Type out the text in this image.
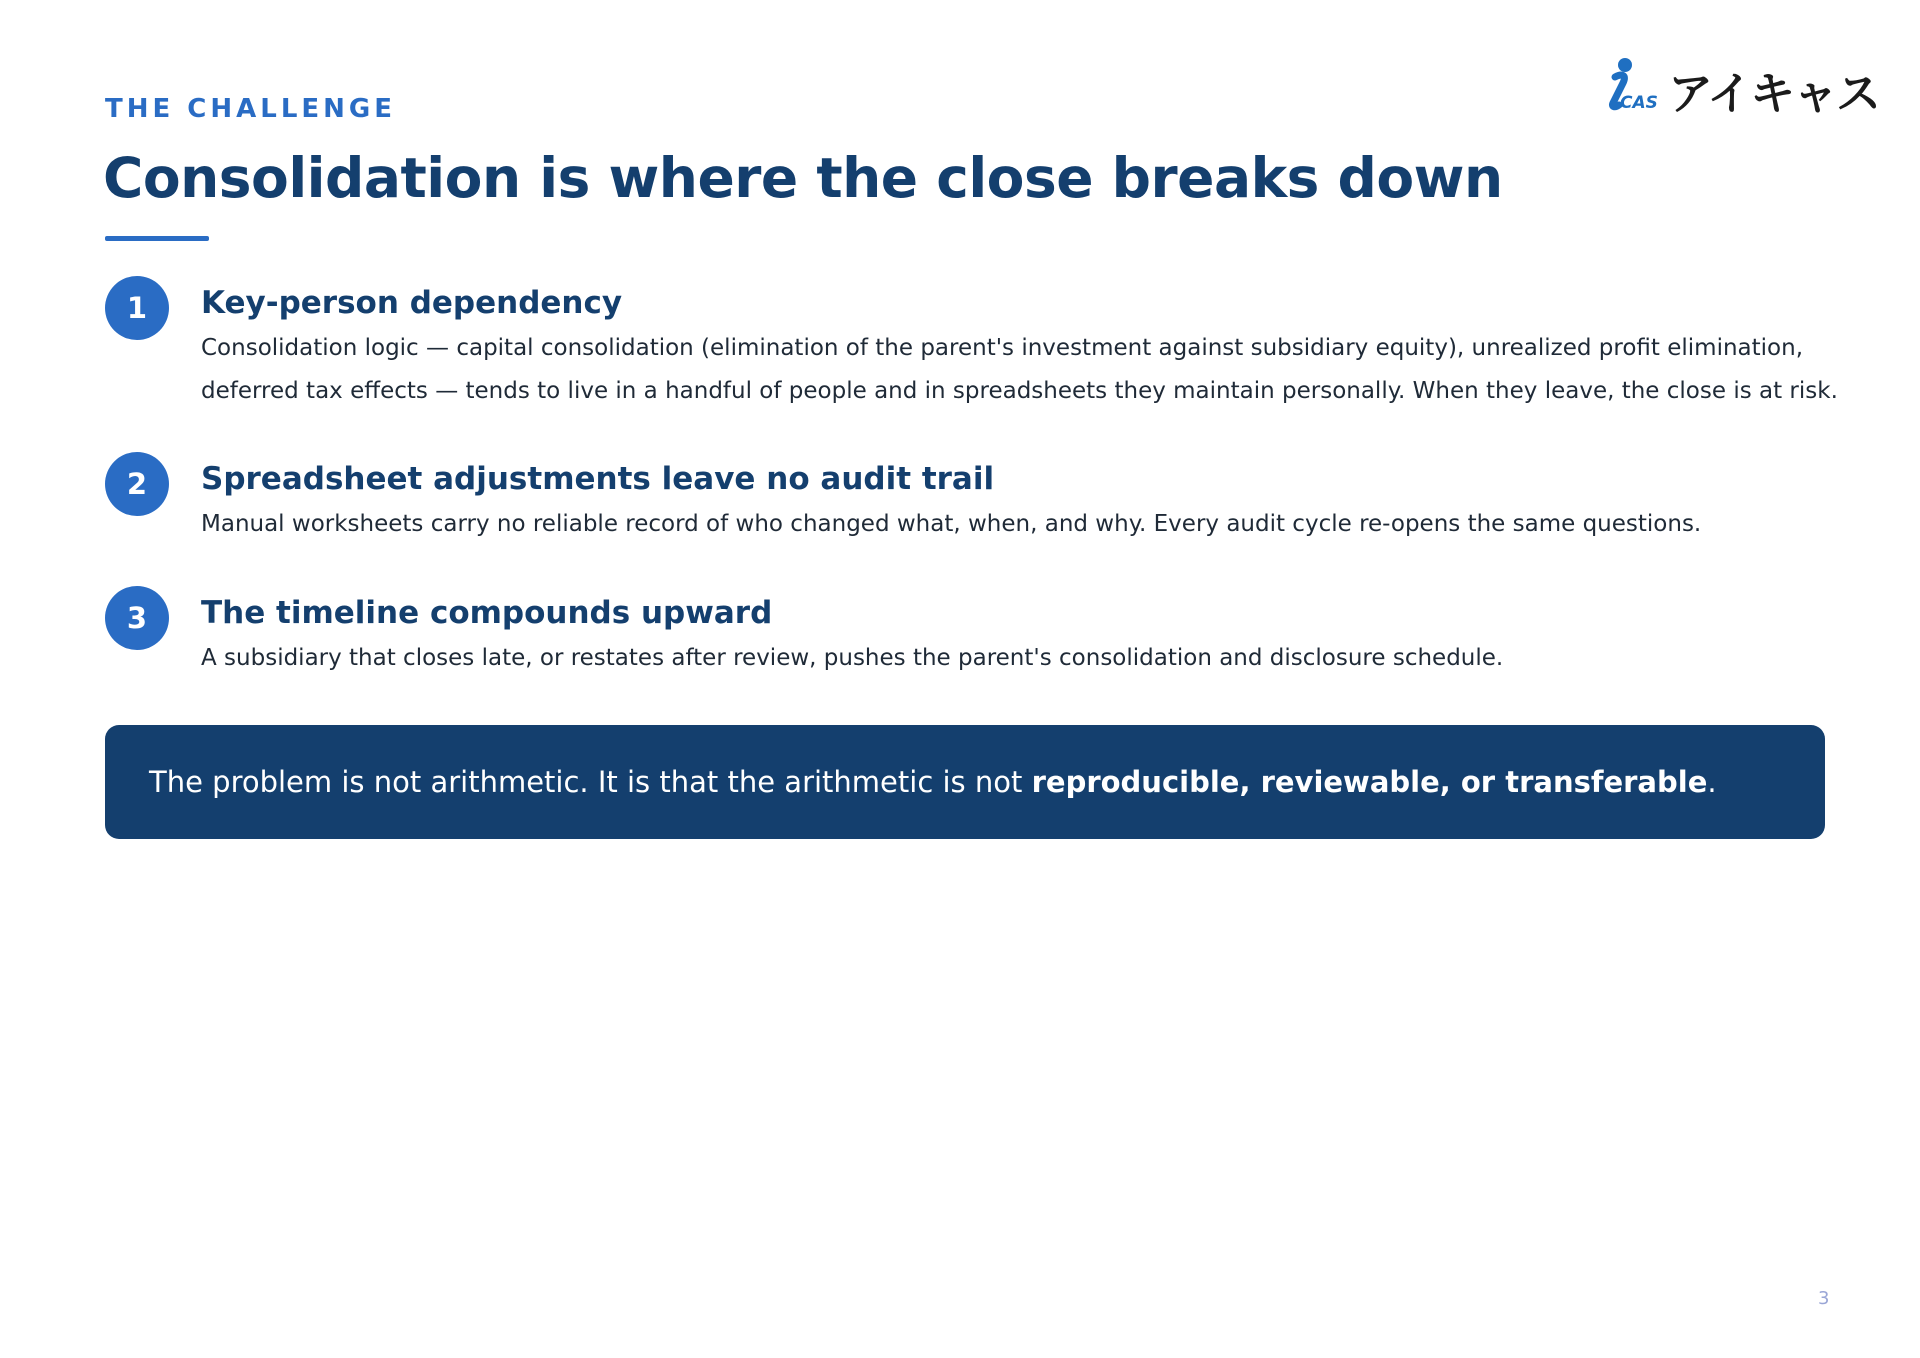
THE CHALLENGE	CAS アイキャス
Consolidation is where the close breaks down
1	Key-person dependency
Consolidation logic — capital consolidation (elimination of the parent's investment against subsidiary equity), unrealized profit elimination, deferred tax effects — tends to live in a handful of people and in spreadsheets they maintain personally. When they leave, the close is at risk.
2	Spreadsheet adjustments leave no audit trail
Manual worksheets carry no reliable record of who changed what, when, and why. Every audit cycle re-opens the same questions.
3	The timeline compounds upward
A subsidiary that closes late, or restates after review, pushes the parent's consolidation and disclosure schedule.
The problem is not arithmetic. It is that the arithmetic is not reproducible, reviewable, or transferable .
3
